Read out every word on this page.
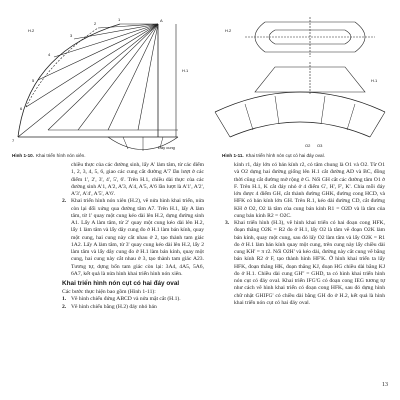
7
6
5
4
3
2
1	A
H.2
H.1
Đáy cung
Hình 1-10. Khai triển hình nón xiên.
H.2
H.1
O2 O3
Hình 1-11. Khai triển hình nón cụt có hai đáy oval.

chiều thực của các đường sinh, lấy A' làm tâm, từ các điểm 1, 2, 3, 4, 5, 6, giao các cung cắt đường A'7 lần lượt ở các điểm 1', 2', 3', 4', 5', 6'. Trên H.1, chiều dài thực của các đường sinh A'1, A'2, A'3, A'4, A'5, A'6 lần lượt là A'1', A'2', A'3', A'4', A'5', A'6'.

2. Khai triển hình nón xiên (H.2), vẽ nửa hình khai triển, nửa còn lại đối xứng qua đường tâm A7. Trên H.1, lấy A làm tâm, từ 1' quay một cung kéo dài lên H.2, dựng đường sinh A1. Lấy A làm tâm, từ 2' quay một cung kéo dài lên H.2, lấy 1 làm tâm và lấy dây cung đo ở H.1 làm bán kính, quay một cung, hai cung này cắt nhau ở 2, tạo thành tam giác 1A2. Lấy A làm tâm, từ 3' quay cung kéo dài lên H.2, lấy 2 làm tâm và lấy dây cung đo ở H.1 làm bán kính, quay một cung, hai cung này cắt nhau ở 3, tạo thành tam giác A23. Tương tự, dựng bốn tam giác còn lại: 3A4, 4A5, 5A6, 6A7, kết quả là nửa hình khai triển hình nón xiên.
Khai triển hình nón cụt có hai đáy oval

Các bước thực hiện bao gồm (Hình 1-11):

1. Vẽ hình chiếu đứng ABCD và nửa mặt cắt (H.1).
2. Vẽ hình chiếu bằng (H.2) đáy nhỏ bán

kính r1, đáy lớn có bán kính r2, có tâm chung là O1 và O2. Từ O1 và O2 dựng hai đường giống lên H.1 cắt đường AD và BC, đồng thời cũng cắt đường mở rộng ở G. Nối GH cắt các đường tâm O1 ở F. Trên H.1, K cắt đáy nhỏ ở 4 điểm G', H', F', K'. Chia mỗi đáy lớn được 4 điểm GH, cắt thành đường GHK, đường cong HCD, và HFK có bán kính lớn GH. Trên R.1, kéo dài đường CD, cắt đường KH ở O2, O2 là tâm của cung bán kính R1 = O2D và là tâm của cung bán kính R2 = O2C.

3. Khai triển hình (H.3), vẽ hình khai triển có hai đoạn cong HFK, đoạn thẳng O2K = R2 đo ở H.1, lấy O2 là tâm vẽ đoạn O2K làm bán kính, quay một cung, sau đó lấy O2 làm tâm và lấy O2K = R1 đo ở H.1 làm bán kính quay một cung, trên cung này lấy chiều dài cung KH' = π r2. Nối O2H' và kéo dài, đường này cắt cung vẽ bằng bán kính R2 ở F, tạo thành hình HF'K. Ở hình khai triển ta lấy HFK, đoạn thẳng HK, đoạn thẳng KJ, đoạn HG chiều dài bằng KJ đo ở H.1. Chiều dài cung GH'' = GHD, ta có hình khai triển hình nón cụt có đáy oval. Khai triển IFG'G có đoạn cong IEG tương tự như cách vẽ hình khai triển có đoạn cong HFK, sau đó dựng hình chữ nhật GHIFG' có chiều dài bằng GH đo ở H.2, kết quả là hình khai triển nón cụt có hai đáy oval.
13
